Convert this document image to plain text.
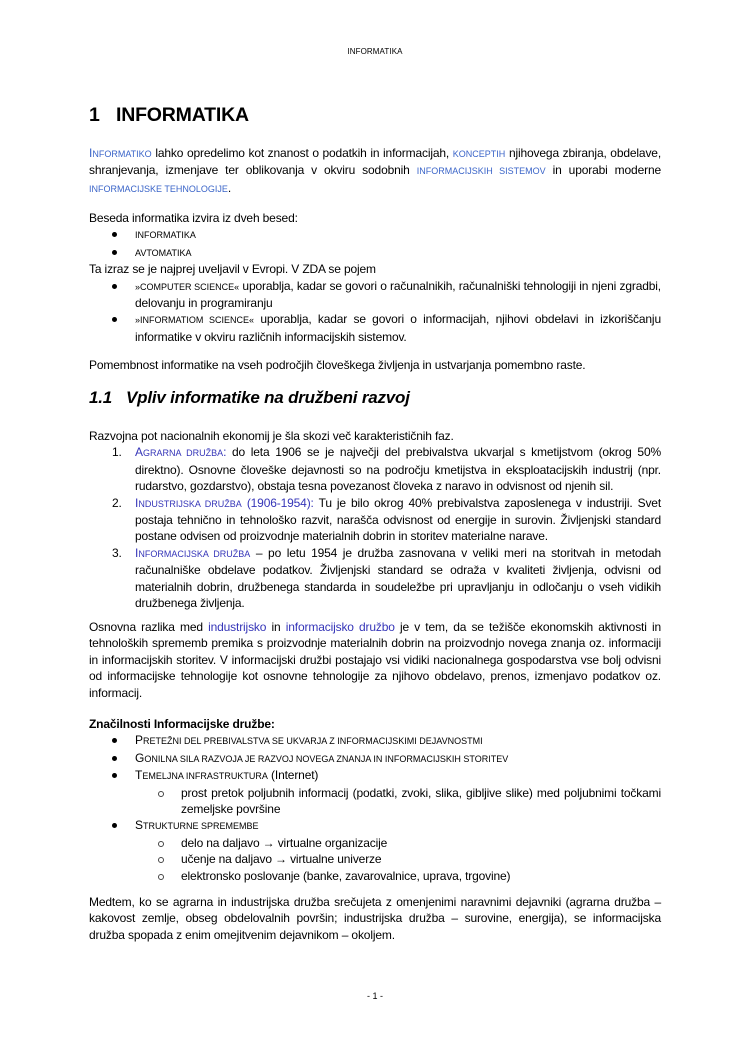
INFORMATIKA
1 INFORMATIKA

INFORMATIKO lahko opredelimo kot znanost o podatkih in informacijah, KONCEPTIH njihovega zbiranja, obdelave, shranjevanja, izmenjave ter oblikovanja v okviru sodobnih INFORMACIJSKIH SISTEMOV in uporabi moderne INFORMACIJSKE TEHNOLOGIJE.

Beseda informatika izvira iz dveh besed:
INFORMATIKA
AVTOMATIKA
Ta izraz se je najprej uveljavil v Evropi. V ZDA se pojem
»COMPUTER SCIENCE« uporablja, kadar se govori o računalnikih, računalniški tehnologiji in njeni zgradbi, delovanju in programiranju
»INFORMATIOM SCIENCE« uporablja, kadar se govori o informacijah, njihovi obdelavi in izkoriščanju informatike v okviru različnih informacijskih sistemov.
Pomembnost informatike na vseh področjih človeškega življenja in ustvarjanja pomembno raste.
1.1 Vpliv informatike na družbeni razvoj
Razvojna pot nacionalnih ekonomij je šla skozi več karakterističnih faz.
1. AGRARNA DRUŽBA: do leta 1906 se je največji del prebivalstva ukvarjal s kmetijstvom (okrog 50% direktno). Osnovne človeške dejavnosti so na področju kmetijstva in eksploatacijskih industrij (npr. rudarstvo, gozdarstvo), obstaja tesna povezanost človeka z naravo in odvisnost od njenih sil.
2. INDUSTRIJSKA DRUŽBA (1906-1954): Tu je bilo okrog 40% prebivalstva zaposlenega v industriji. Svet postaja tehnično in tehnološko razvit, narašča odvisnost od energije in surovin. Življenjski standard postane odvisen od proizvodnje materialnih dobrin in storitev materialne narave.
3. INFORMACIJSKA DRUŽBA – po letu 1954 je družba zasnovana v veliki meri na storitvah in metodah računalniške obdelave podatkov. Življenjski standard se odraža v kvaliteti življenja, odvisni od materialnih dobrin, družbenega standarda in soudeležbe pri upravljanju in odločanju o vseh vidikih družbenega življenja.

Osnovna razlika med industrijsko in informacijsko družbo je v tem, da se težišče ekonomskih aktivnosti in tehnoloških sprememb premika s proizvodnje materialnih dobrin na proizvodnjo novega znanja oz. informaciji in informacijskih storitev. V informacijski družbi postajajo vsi vidiki nacionalnega gospodarstva vse bolj odvisni od informacijske tehnologije kot osnovne tehnologije za njihovo obdelavo, prenos, izmenjavo podatkov oz. informacij.

Značilnosti Informacijske družbe:
PRETEŽNI DEL PREBIVALSTVA SE UKVARJA Z INFORMACIJSKIMI DEJAVNOSTMI
GONILNA SILA RAZVOJA JE RAZVOJ NOVEGA ZNANJA IN INFORMACIJSKIH STORITEV
TEMELJNA INFRASTRUKTURA (Internet)
prost pretok poljubnih informacij (podatki, zvoki, slika, gibljive slike) med poljubnimi točkami zemeljske površine
STRUKTURNE SPREMEMBE
delo na daljavo → virtualne organizacije
učenje na daljavo → virtualne univerze
elektronsko poslovanje (banke, zavarovalnice, uprava, trgovine)
Medtem, ko se agrarna in industrijska družba srečujeta z omenjenimi naravnimi dejavniki (agrarna družba – kakovost zemlje, obseg obdelovalnih površin; industrijska družba – surovine, energija), se informacijska družba spopada z enim omejitvenim dejavnikom – okoljem.
- 1 -
